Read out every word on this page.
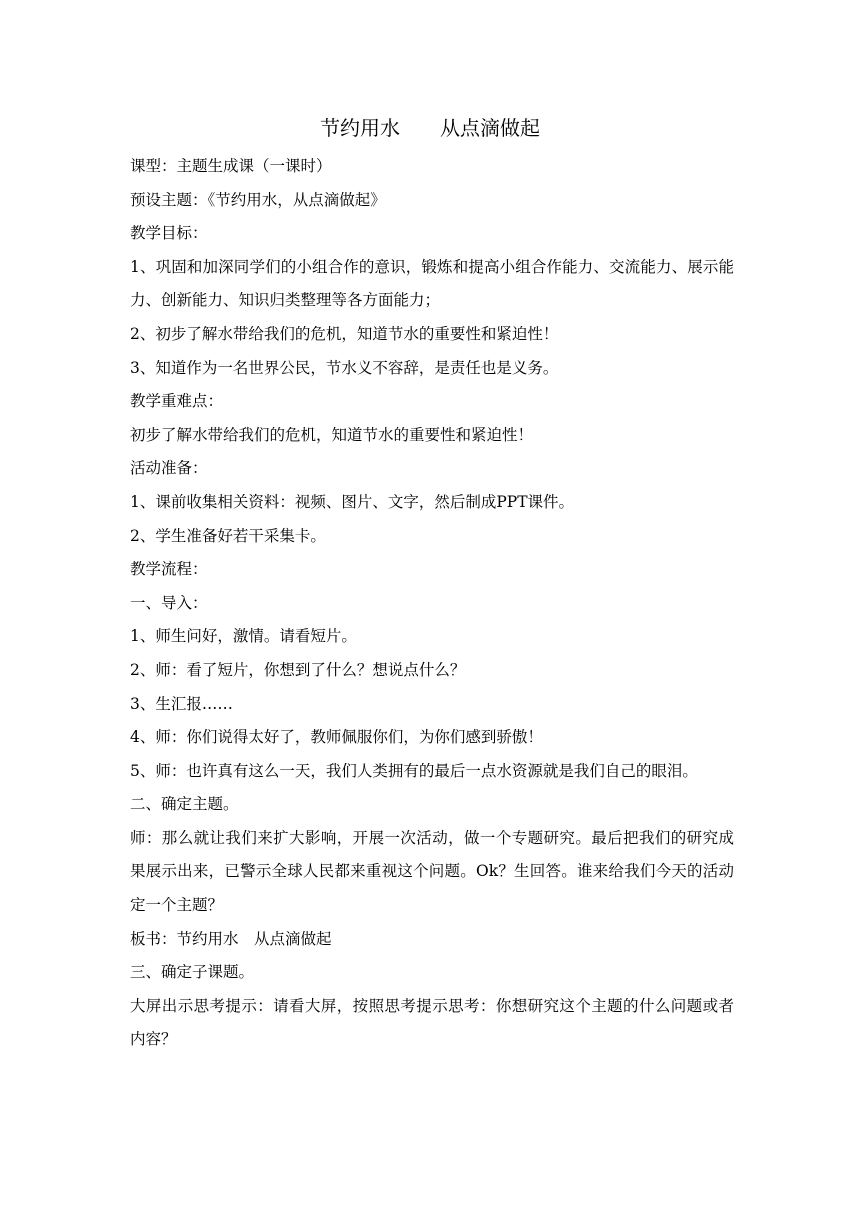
节约用水　　从点滴做起

课型：主题生成课（一课时）

预设主题：《节约用水，从点滴做起》

教学目标：

1、巩固和加深同学们的小组合作的意识，锻炼和提高小组合作能力、交流能力、展示能力、创新能力、知识归类整理等各方面能力；

2、初步了解水带给我们的危机，知道节水的重要性和紧迫性！

3、知道作为一名世界公民，节水义不容辞，是责任也是义务。

教学重难点：

初步了解水带给我们的危机，知道节水的重要性和紧迫性！

活动准备：

1、课前收集相关资料：视频、图片、文字，然后制成PPT课件。

2、学生准备好若干采集卡。

教学流程：

一、导入：

1、师生问好，激情。请看短片。

2、师：看了短片，你想到了什么？想说点什么？

3、生汇报……

4、师：你们说得太好了，教师佩服你们，为你们感到骄傲！

5、师：也许真有这么一天，我们人类拥有的最后一点水资源就是我们自己的眼泪。

二、确定主题。

师：那么就让我们来扩大影响，开展一次活动，做一个专题研究。最后把我们的研究成果展示出来，已警示全球人民都来重视这个问题。Ok？生回答。谁来给我们今天的活动定一个主题？

板书：节约用水　从点滴做起

三、确定子课题。

大屏出示思考提示：请看大屏，按照思考提示思考：你想研究这个主题的什么问题或者内容？
